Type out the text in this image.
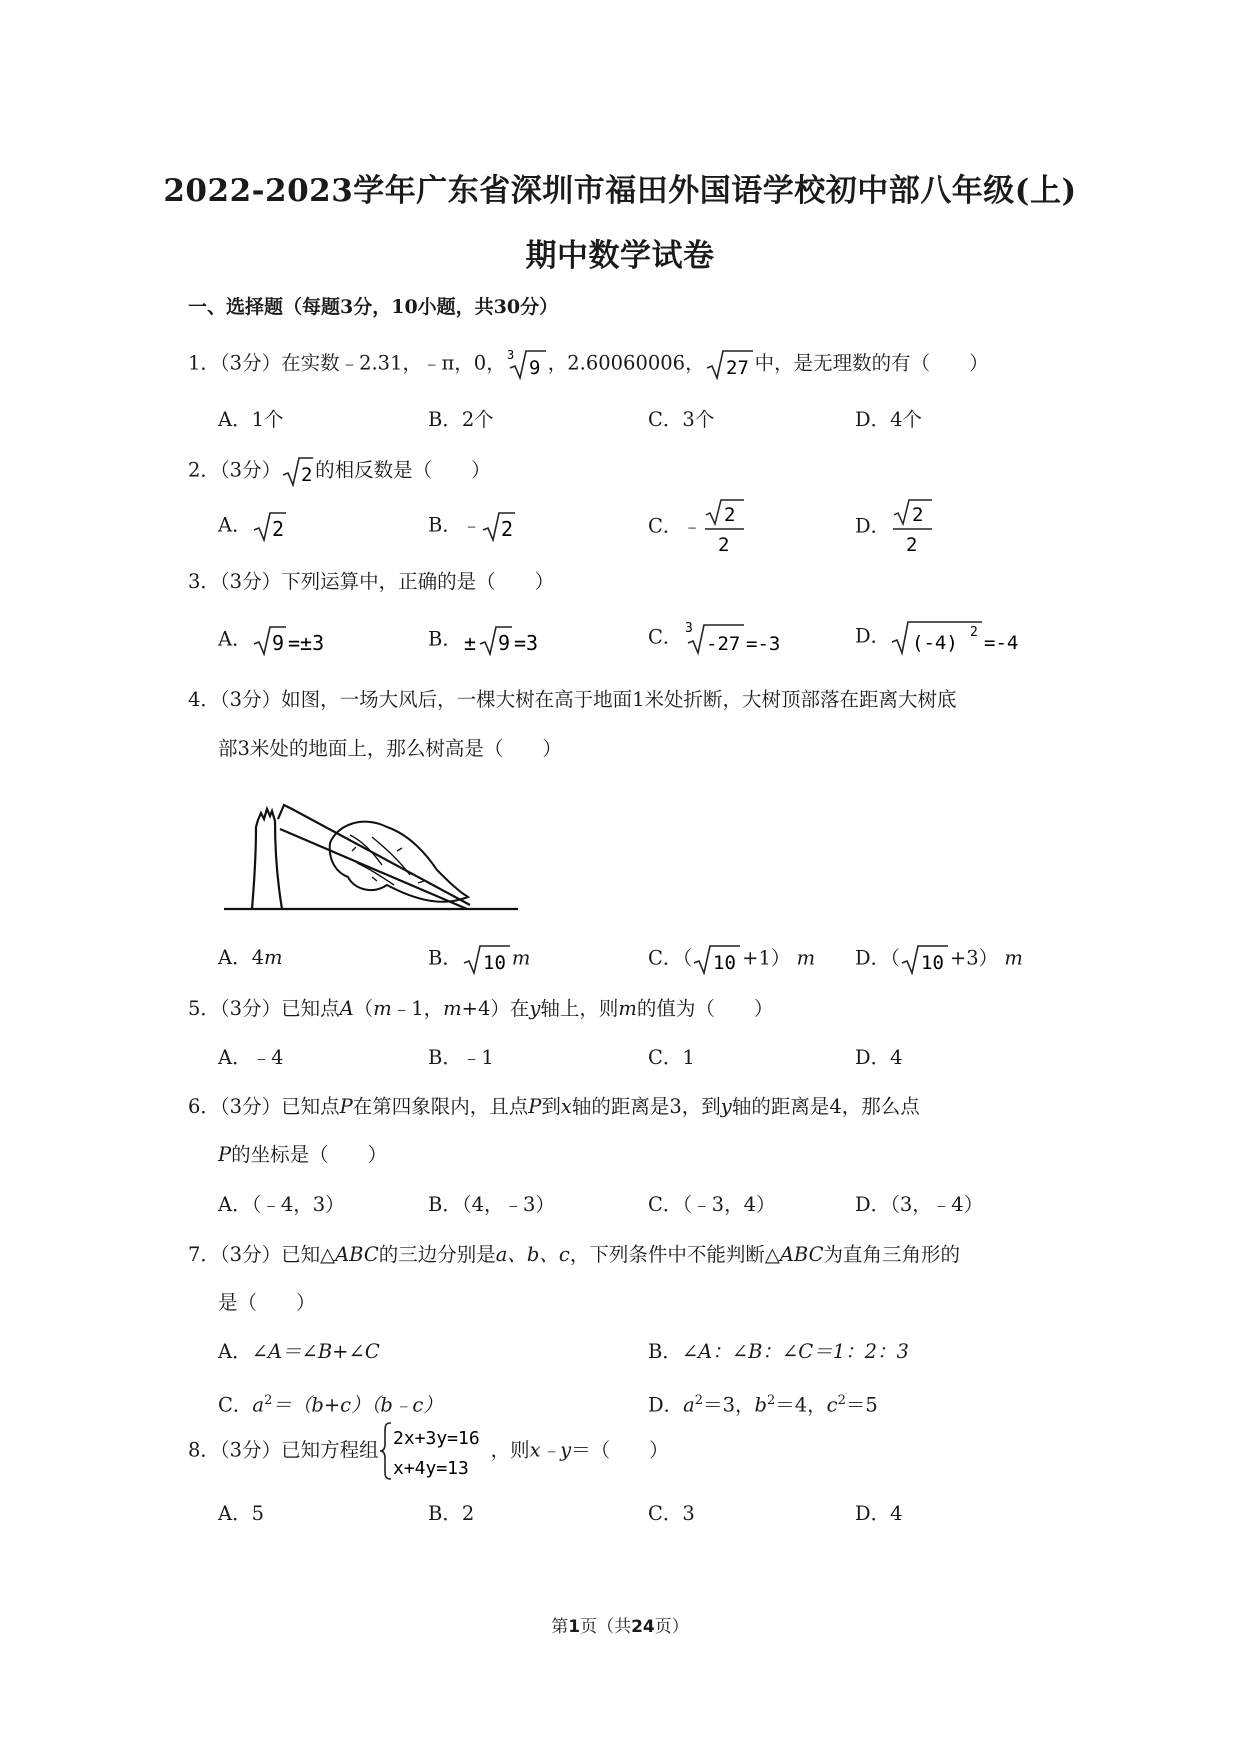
2022-2023学年广东省深圳市福田外国语学校初中部八年级(上)
期中数学试卷
一、选择题（每题3分，10小题，共30分）
1．（3分）在实数﹣2.31，﹣π，0， 3
9 ，2.60060006， 27 中，是无理数的有（　　）
A．1个	B．2个	C．3个	D．4个
2．（3分） 2 的相反数是（　　）
A． 2	B．﹣ 2	C．﹣ 2
2
D． 2
2
3．（3分）下列运算中，正确的是（　　）
A． 9 =±3	B． ± 9 =3	C． 3
-27 =-3	D． (-4) 2 =-4
4．（3分）如图，一场大风后，一棵大树在高于地面1米处折断，大树顶部落在距离大树底
部3米处的地面上，那么树高是（　　）
A．4m	B． 10 m	C．（ 10 +1） m D．（ 10 +3） m
5．（3分）已知点A（m﹣1，m+4）在y轴上，则m的值为（　　）
A．﹣4	B．﹣1	C．1	D．4
6．（3分）已知点P在第四象限内，且点P到x轴的距离是3，到y轴的距离是4，那么点
P的坐标是（　　）
A．（﹣4，3）	B．（4，﹣3）	C．（﹣3，4）	D．（3，﹣4）
7．（3分）已知△ABC的三边分别是a、b、c，下列条件中不能判断△ABC为直角三角形的
是（　　）
A．∠A＝∠B+∠C	B．∠A：∠B：∠C＝1：2：3
C．$a^2=(b+c)(b﹣c)$	D．$a^2=3$，$b^2=4$，$c^2=5$
8．（3分）已知方程组 2x+3y=16
x+4y=13
，则x﹣y＝（　　）
A．5	B．2	C．3	D．4
第1页（共24页）
